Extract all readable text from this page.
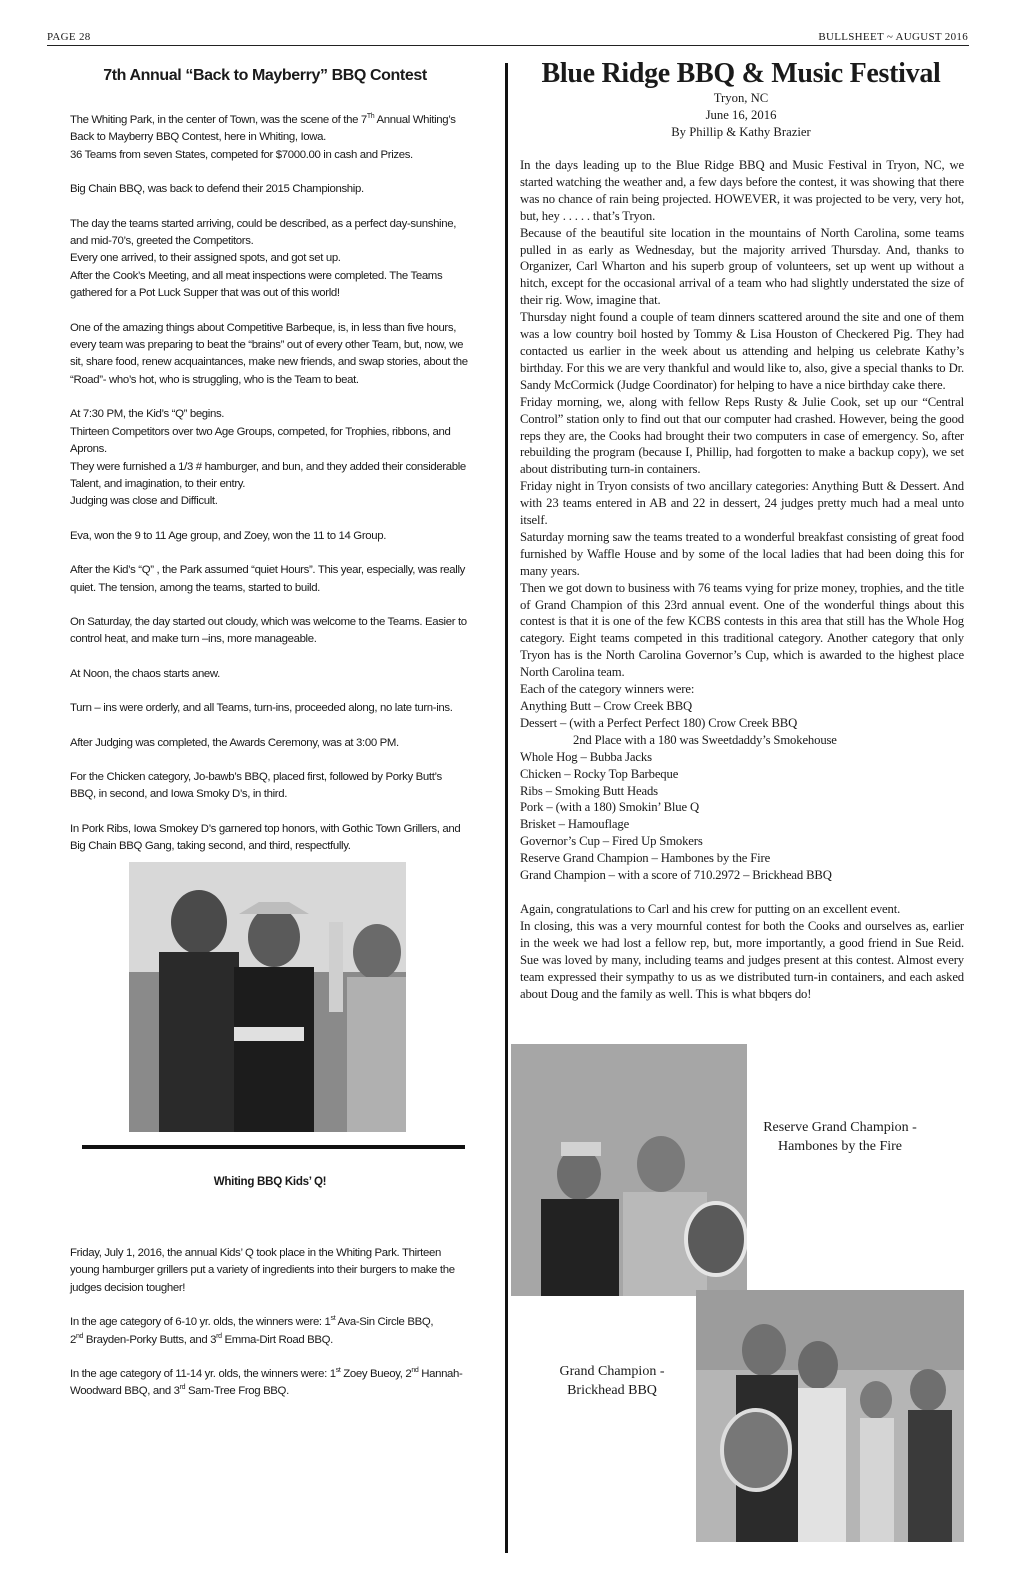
PAGE 28	BULLSHEET ~ AUGUST 2016
7th Annual “Back to Mayberry” BBQ Contest

The Whiting Park, in the center of Town, was the scene of the 7Th Annual Whiting’s Back to Mayberry BBQ Contest, here in Whiting, Iowa.

36 Teams from seven States, competed for $7000.00 in cash and Prizes.

Big Chain BBQ, was back to defend their 2015 Championship.

The day the teams started arriving, could be described, as a perfect day-sunshine, and mid-70’s, greeted the Competitors.

Every one arrived, to their assigned spots, and got set up.

After the Cook’s Meeting, and all meat inspections were completed. The Teams gathered for a Pot Luck Supper that was out of this world!

One of the amazing things about Competitive Barbeque, is, in less than five hours, every team was preparing to beat the “brains” out of every other Team, but, now, we sit, share food, renew acquaintances, make new friends, and swap stories, about the “Road”- who’s hot, who is struggling, who is the Team to beat.

At 7:30 PM, the Kid’s “Q” begins.

Thirteen Competitors over two Age Groups, competed, for Trophies, ribbons, and Aprons.

They were furnished a 1/3 # hamburger, and bun, and they added their considerable Talent, and imagination, to their entry.

Judging was close and Difficult.

Eva, won the 9 to 11 Age group, and Zoey, won the 11 to 14 Group.

After the Kid’s “Q” , the Park assumed “quiet Hours”. This year, especially, was really quiet. The tension, among the teams, started to build.

On Saturday, the day started out cloudy, which was welcome to the Teams. Easier to control heat, and make turn –ins, more manageable.

At Noon, the chaos starts anew.

Turn – ins were orderly, and all Teams, turn-ins, proceeded along, no late turn-ins.

After Judging was completed, the Awards Ceremony, was at 3:00 PM.

For the Chicken category, Jo-bawb’s BBQ, placed first, followed by Porky Butt’s BBQ, in second, and Iowa Smoky D’s, in third.

In Pork Ribs, Iowa Smokey D’s garnered top honors, with Gothic Town Grillers, and Big Chain BBQ Gang, taking second, and third, respectfully.

Whiting BBQ Kids’ Q!

Friday, July 1, 2016, the annual Kids’ Q took place in the Whiting Park. Thirteen young hamburger grillers put a variety of ingredients into their burgers to make the judges decision tougher!

In the age category of 6-10 yr. olds, the winners were: 1st Ava-Sin Circle BBQ,
2nd Brayden-Porky Butts, and 3rd Emma-Dirt Road BBQ.

In the age category of 11-14 yr. olds, the winners were: 1st Zoey Bueoy, 2nd Hannah-Woodward BBQ, and 3rd Sam-Tree Frog BBQ.

Blue Ridge BBQ & Music Festival
Tryon, NC
June 16, 2016
By Phillip & Kathy Brazier

In the days leading up to the Blue Ridge BBQ and Music Festival in Tryon, NC, we started watching the weather and, a few days before the contest, it was showing that there was no chance of rain being projected. HOWEVER, it was projected to be very, very hot, but, hey . . . . . that’s Tryon.

Because of the beautiful site location in the mountains of North Carolina, some teams pulled in as early as Wednesday, but the majority arrived Thursday. And, thanks to Organizer, Carl Wharton and his superb group of volunteers, set up went up without a hitch, except for the occasional arrival of a team who had slightly understated the size of their rig. Wow, imagine that.

Thursday night found a couple of team dinners scattered around the site and one of them was a low country boil hosted by Tommy & Lisa Houston of Checkered Pig. They had contacted us earlier in the week about us attending and helping us celebrate Kathy’s birthday. For this we are very thankful and would like to, also, give a special thanks to Dr. Sandy McCormick (Judge Coordinator) for helping to have a nice birthday cake there.

Friday morning, we, along with fellow Reps Rusty & Julie Cook, set up our “Central Control” station only to find out that our computer had crashed. However, being the good reps they are, the Cooks had brought their two computers in case of emergency. So, after rebuilding the program (because I, Phillip, had forgotten to make a backup copy), we set about distributing turn-in containers.

Friday night in Tryon consists of two ancillary categories: Anything Butt & Dessert. And with 23 teams entered in AB and 22 in dessert, 24 judges pretty much had a meal unto itself.

Saturday morning saw the teams treated to a wonderful breakfast consisting of great food furnished by Waffle House and by some of the local ladies that had been doing this for many years.

Then we got down to business with 76 teams vying for prize money, trophies, and the title of Grand Champion of this 23rd annual event. One of the wonderful things about this contest is that it is one of the few KCBS contests in this area that still has the Whole Hog category. Eight teams competed in this traditional category. Another category that only Tryon has is the North Carolina Governor’s Cup, which is awarded to the highest place North Carolina team.

Each of the category winners were:

Anything Butt – Crow Creek BBQ

Dessert – (with a Perfect Perfect 180) Crow Creek BBQ

2nd Place with a 180 was Sweetdaddy’s Smokehouse

Whole Hog – Bubba Jacks

Chicken – Rocky Top Barbeque

Ribs – Smoking Butt Heads

Pork – (with a 180) Smokin’ Blue Q

Brisket – Hamouflage

Governor’s Cup – Fired Up Smokers

Reserve Grand Champion – Hambones by the Fire

Grand Champion – with a score of 710.2972 – Brickhead BBQ

Again, congratulations to Carl and his crew for putting on an excellent event.

In closing, this was a very mournful contest for both the Cooks and ourselves as, earlier in the week we had lost a fellow rep, but, more importantly, a good friend in Sue Reid. Sue was loved by many, including teams and judges present at this contest. Almost every team expressed their sympathy to us as we distributed turn-in containers, and each asked about Doug and the family as well. This is what bbqers do!

Reserve Grand Champion -
Hambones by the Fire
Grand Champion -
Brickhead BBQ
